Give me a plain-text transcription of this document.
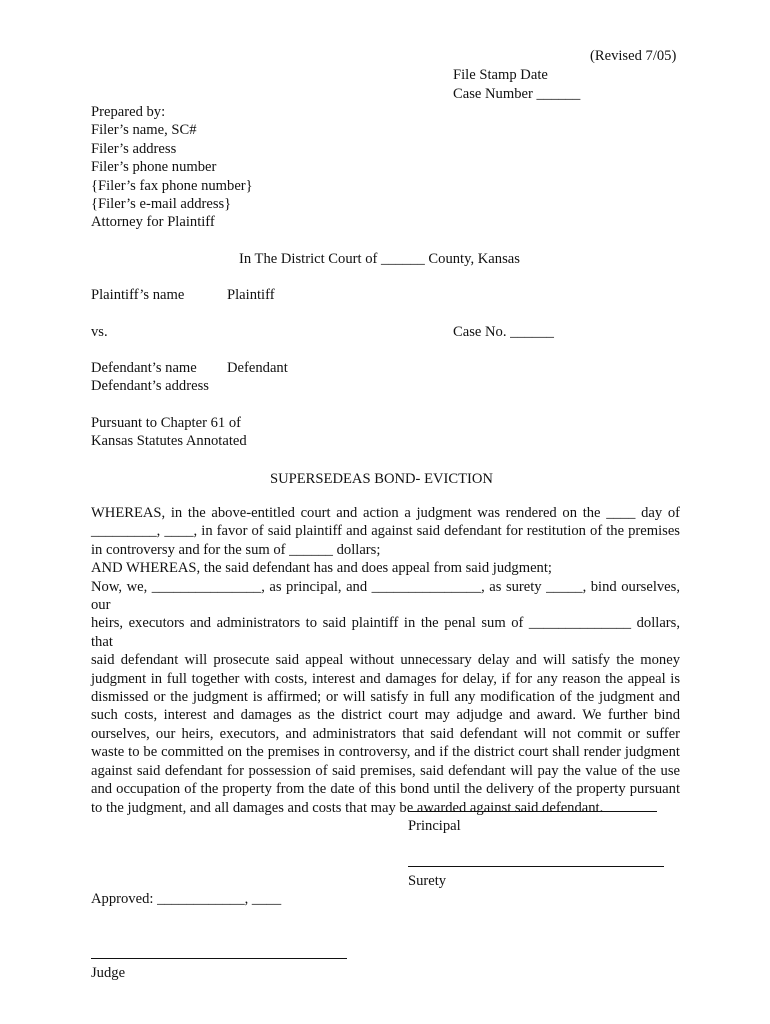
(Revised 7/05)
File Stamp Date
Case Number ______
Prepared by:
Filer’s name, SC#
Filer’s address
Filer’s phone number
{Filer’s fax phone number}
{Filer’s e-mail address}
Attorney for Plaintiff
In The District Court of ______ County, Kansas
Plaintiff’s name	Plaintiff
vs.	Case No. ______
Defendant’s name Defendant
Defendant’s address
Pursuant to Chapter 61 of
Kansas Statutes Annotated
SUPERSEDEAS BOND- EVICTION
WHEREAS, in the above-entitled court and action a judgment was rendered on the ____ day of
_________, ____, in favor of said plaintiff and against said defendant for restitution of the premises
in controversy and for the sum of ______ dollars;
AND WHEREAS, the said defendant has and does appeal from said judgment;
Now, we, _______________, as principal, and _______________, as surety _____, bind ourselves, our
heirs, executors and administrators to said plaintiff in the penal sum of ______________ dollars, that
said defendant will prosecute said appeal without unnecessary delay and will satisfy the money
judgment in full together with costs, interest and damages for delay, if for any reason the appeal is
dismissed or the judgment is affirmed; or will satisfy in full any modification of the judgment and
such costs, interest and damages as the district court may adjudge and award. We further bind
ourselves, our heirs, executors, and administrators that said defendant will not commit or suffer
waste to be committed on the premises in controversy, and if the district court shall render judgment
against said defendant for possession of said premises, said defendant will pay the value of the use
and occupation of the property from the date of this bond until the delivery of the property pursuant
to the judgment, and all damages and costs that may be awarded against said defendant.
Principal
Surety
Approved: ____________, ____
Judge
